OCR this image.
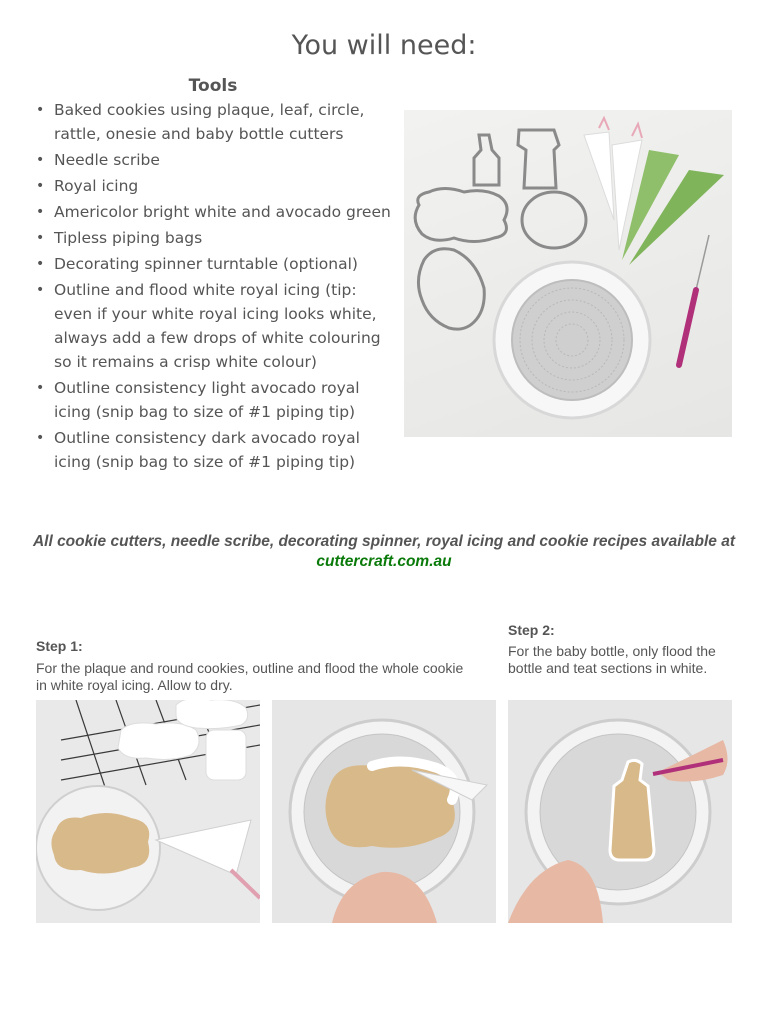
You will need:
Tools
• Baked cookies using plaque, leaf, circle, rattle, onesie and baby bottle cutters
• Needle scribe
• Royal icing
• Americolor bright white and avocado green
• Tipless piping bags
• Decorating spinner turntable (optional)
• Outline and flood white royal icing (tip: even if your white royal icing looks white, always add a few drops of white colouring so it remains a crisp white colour)
• Outline consistency light avocado royal icing (snip bag to size of #1 piping tip)
• Outline consistency dark avocado royal icing (snip bag to size of #1 piping tip)
All cookie cutters, needle scribe, decorating spinner, royal icing and cookie recipes available at cuttercraft.com.au
Step 1:
For the plaque and round cookies, outline and flood the whole cookie in white royal icing. Allow to dry.
Step 2:
For the baby bottle, only flood the bottle and teat sections in white.
